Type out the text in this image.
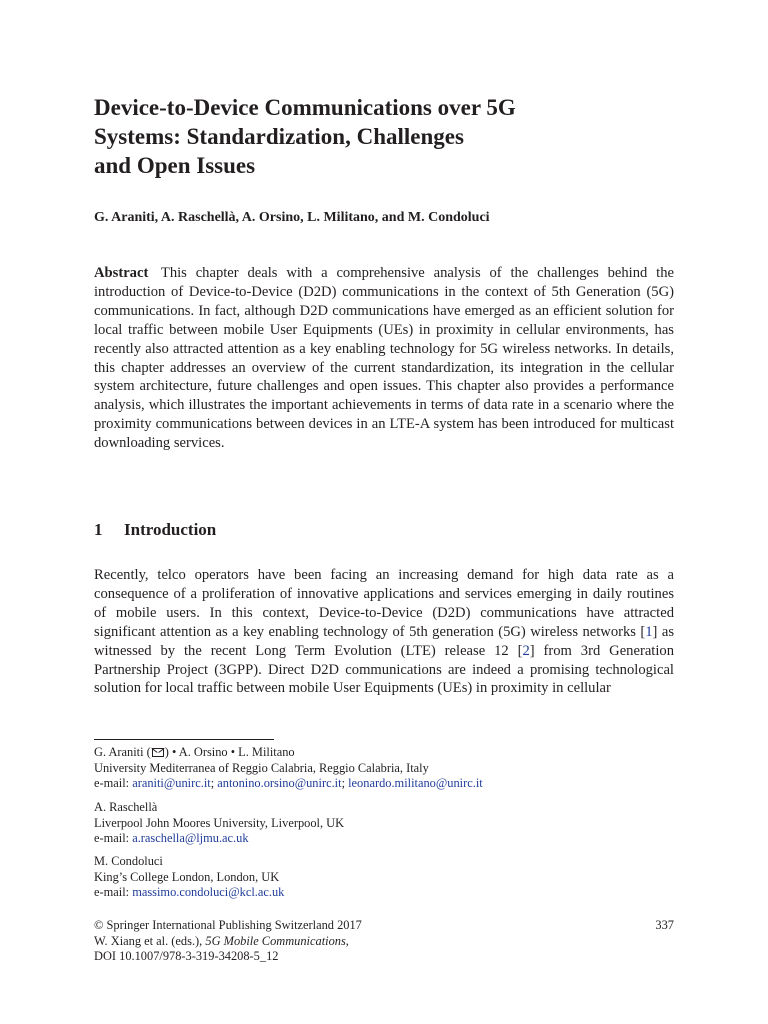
Device-to-Device Communications over 5G
Systems: Standardization, Challenges
and Open Issues
G. Araniti, A. Raschellà, A. Orsino, L. Militano, and M. Condoluci

Abstract This chapter deals with a comprehensive analysis of the challenges behind the introduction of Device-to-Device (D2D) communications in the context of 5th Generation (5G) communications. In fact, although D2D communications have emerged as an efficient solution for local traffic between mobile User Equipments (UEs) in proximity in cellular environments, has recently also attracted attention as a key enabling technology for 5G wireless networks. In details, this chapter addresses an overview of the current standardization, its integration in the cellular system architecture, future challenges and open issues. This chapter also provides a performance analysis, which illustrates the important achievements in terms of data rate in a scenario where the proximity communications between devices in an LTE-A system has been introduced for multicast downloading services.

1 Introduction

Recently, telco operators have been facing an increasing demand for high data rate as a consequence of a proliferation of innovative applications and services emerging in daily routines of mobile users. In this context, Device-to-Device (D2D) communications have attracted significant attention as a key enabling technology of 5th generation (5G) wireless networks [1] as witnessed by the recent Long Term Evolution (LTE) release 12 [2] from 3rd Generation Partnership Project (3GPP). Direct D2D communications are indeed a promising technological solution for local traffic between mobile User Equipments (UEs) in proximity in cellular

G. Araniti ( ) • A. Orsino • L. Militano
University Mediterranea of Reggio Calabria, Reggio Calabria, Italy
e-mail: araniti@unirc.it; antonino.orsino@unirc.it; leonardo.militano@unirc.it
A. Raschellà
Liverpool John Moores University, Liverpool, UK
e-mail: a.raschella@ljmu.ac.uk
M. Condoluci
King’s College London, London, UK
e-mail: massimo.condoluci@kcl.ac.uk
337
© Springer International Publishing Switzerland 2017
W. Xiang et al. (eds.), 5G Mobile Communications,
DOI 10.1007/978-3-319-34208-5_12
